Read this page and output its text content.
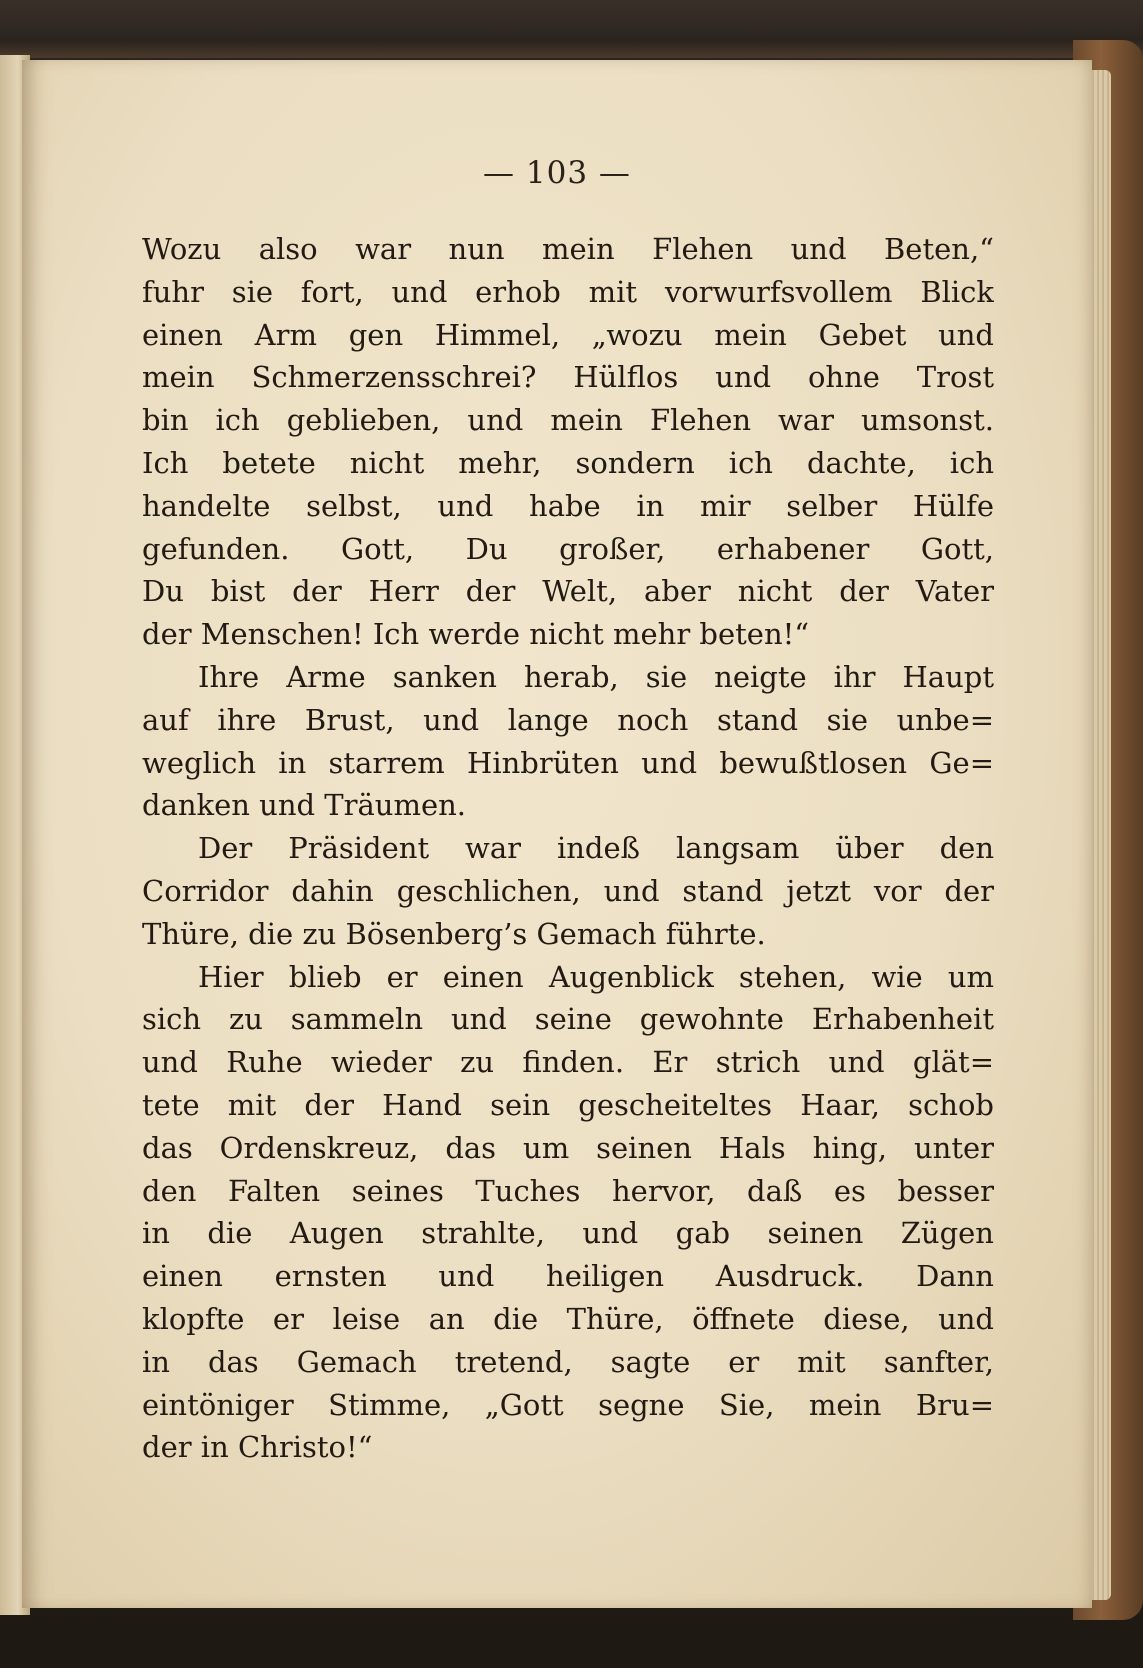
— 103 —

Wozu also war nun mein Flehen und Beten,“
fuhr sie fort, und erhob mit vorwurfsvollem Blick
einen Arm gen Himmel, „wozu mein Gebet und
mein Schmerzensschrei? Hülflos und ohne Trost
bin ich geblieben, und mein Flehen war umsonst.
Ich betete nicht mehr, sondern ich dachte, ich
handelte selbst, und habe in mir selber Hülfe
gefunden. Gott, Du großer, erhabener Gott,
Du bist der Herr der Welt, aber nicht der Vater
der Menschen! Ich werde nicht mehr beten!“
Ihre Arme sanken herab, sie neigte ihr Haupt
auf ihre Brust, und lange noch stand sie unbe=
weglich in starrem Hinbrüten und bewußtlosen Ge=
danken und Träumen.
Der Präsident war indeß langsam über den
Corridor dahin geschlichen, und stand jetzt vor der
Thüre, die zu Bösenberg’s Gemach führte.
Hier blieb er einen Augenblick stehen, wie um
sich zu sammeln und seine gewohnte Erhabenheit
und Ruhe wieder zu finden. Er strich und glät=
tete mit der Hand sein gescheiteltes Haar, schob
das Ordenskreuz, das um seinen Hals hing, unter
den Falten seines Tuches hervor, daß es besser
in die Augen strahlte, und gab seinen Zügen
einen ernsten und heiligen Ausdruck. Dann
klopfte er leise an die Thüre, öffnete diese, und
in das Gemach tretend, sagte er mit sanfter,
eintöniger Stimme, „Gott segne Sie, mein Bru=
der in Christo!“
